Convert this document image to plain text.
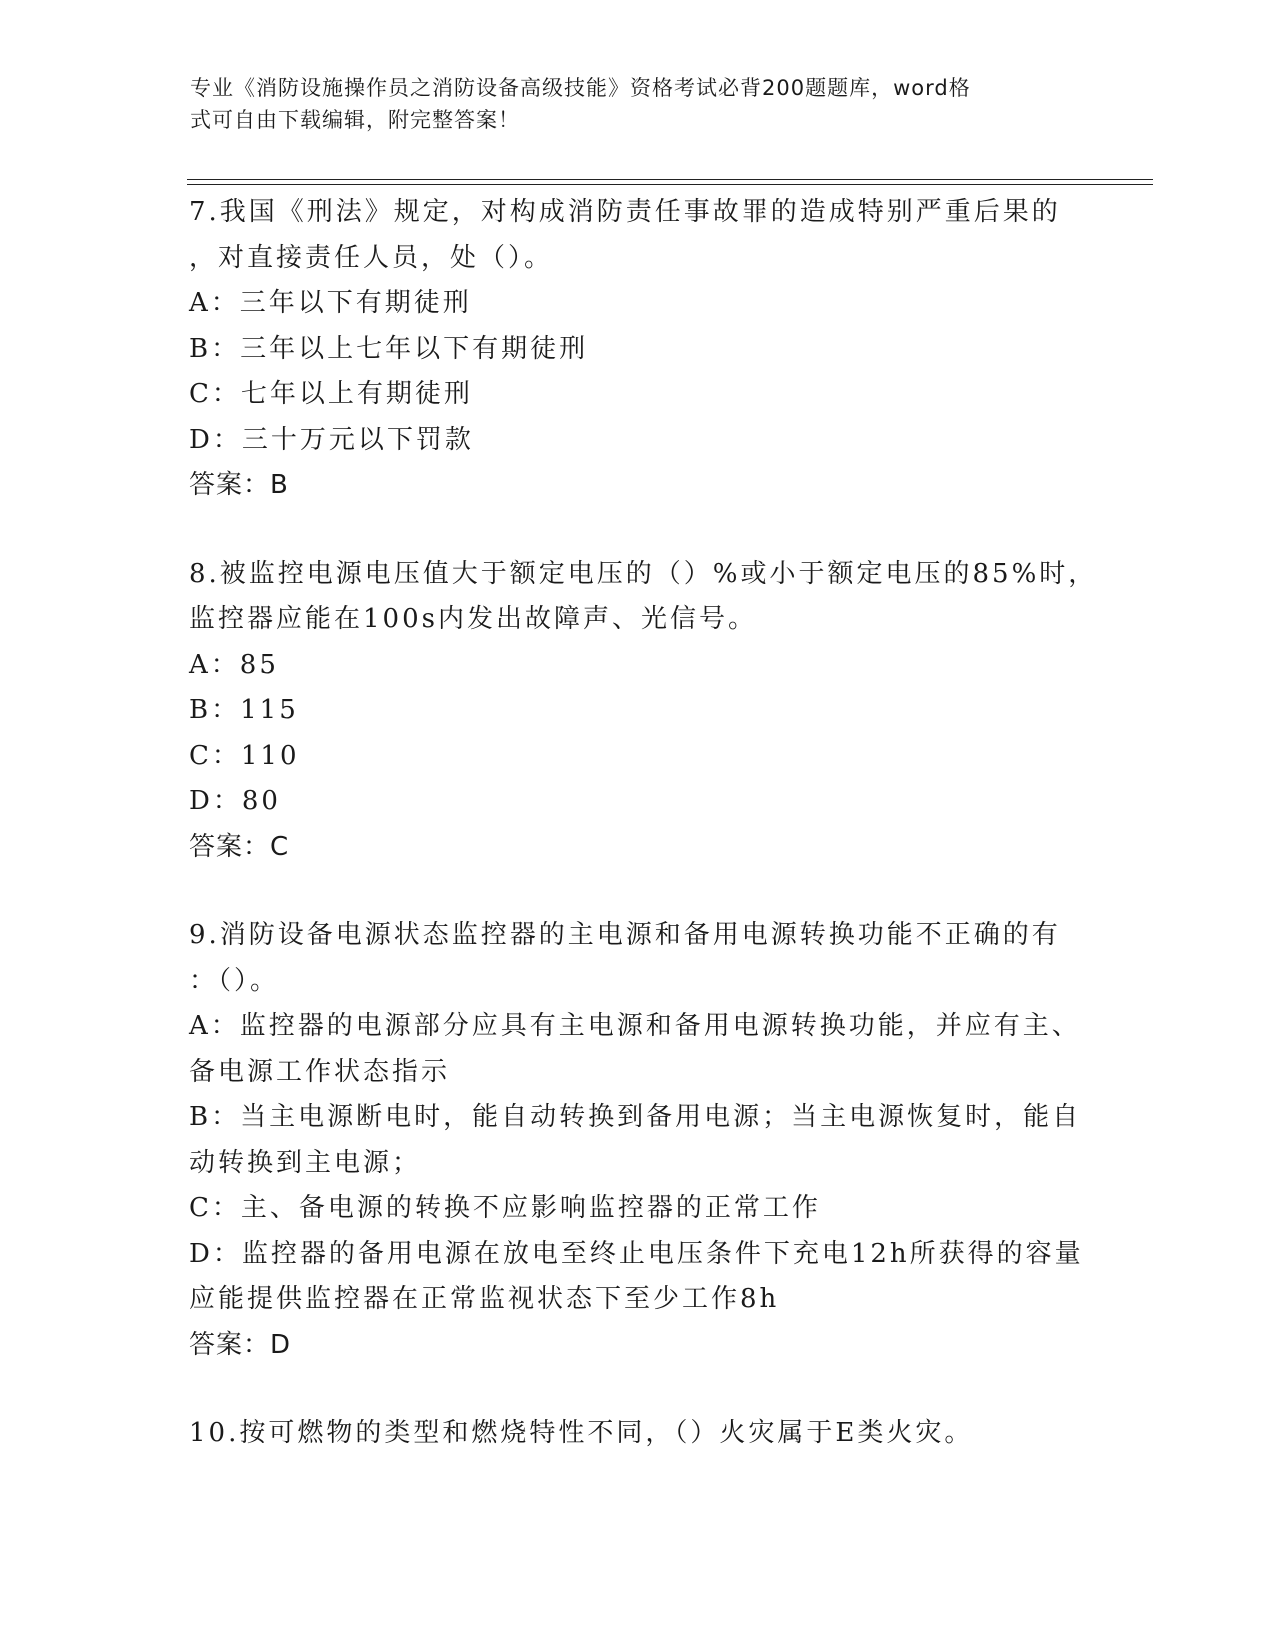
专业《消防设施操作员之消防设备高级技能》资格考试必背200题题库，word格
式可自由下载编辑，附完整答案！
7.我国《刑法》规定，对构成消防责任事故罪的造成特别严重后果的
，对直接责任人员，处（）。
A：三年以下有期徒刑
B：三年以上七年以下有期徒刑
C：七年以上有期徒刑
D：三十万元以下罚款
答案：B
8.被监控电源电压值大于额定电压的（）%或小于额定电压的85%时，
监控器应能在100s内发出故障声、光信号。
A：85
B：115
C：110
D：80
答案：C
9.消防设备电源状态监控器的主电源和备用电源转换功能不正确的有
：（）。
A：监控器的电源部分应具有主电源和备用电源转换功能，并应有主、
备电源工作状态指示
B：当主电源断电时，能自动转换到备用电源；当主电源恢复时，能自
动转换到主电源；
C：主、备电源的转换不应影响监控器的正常工作
D：监控器的备用电源在放电至终止电压条件下充电12h所获得的容量
应能提供监控器在正常监视状态下至少工作8h
答案：D
10.按可燃物的类型和燃烧特性不同，（）火灾属于E类火灾。
